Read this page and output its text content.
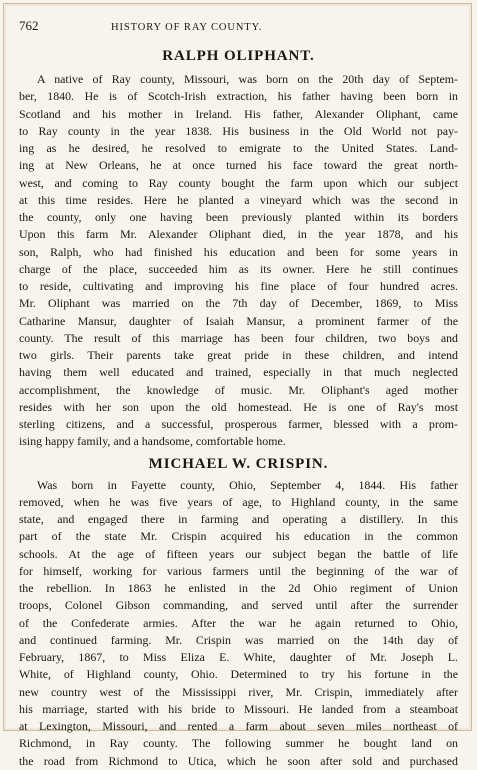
762	HISTORY OF RAY COUNTY.
RALPH OLIPHANT.
A native of Ray county, Missouri, was born on the 20th day of Septem-
ber, 1840. He is of Scotch-Irish extraction, his father having been born in
Scotland and his mother in Ireland. His father, Alexander Oliphant, came
to Ray county in the year 1838. His business in the Old World not pay-
ing as he desired, he resolved to emigrate to the United States. Land-
ing at New Orleans, he at once turned his face toward the great north-
west, and coming to Ray county bought the farm upon which our subject
at this time resides. Here he planted a vineyard which was the second in
the county, only one having been previously planted within its borders
Upon this farm Mr. Alexander Oliphant died, in the year 1878, and his
son, Ralph, who had finished his education and been for some years in
charge of the place, succeeded him as its owner. Here he still continues
to reside, cultivating and improving his fine place of four hundred acres.
Mr. Oliphant was married on the 7th day of December, 1869, to Miss
Catharine Mansur, daughter of Isaiah Mansur, a prominent farmer of the
county. The result of this marriage has been four children, two boys and
two girls. Their parents take great pride in these children, and intend
having them well educated and trained, especially in that much neglected
accomplishment, the knowledge of music. Mr. Oliphant's aged mother
resides with her son upon the old homestead. He is one of Ray's most
sterling citizens, and a successful, prosperous farmer, blessed with a prom-
ising happy family, and a handsome, comfortable home.
MICHAEL W. CRISPIN.
Was born in Fayette county, Ohio, September 4, 1844. His father
removed, when he was five years of age, to Highland county, in the same
state, and engaged there in farming and operating a distillery. In this
part of the state Mr. Crispin acquired his education in the common
schools. At the age of fifteen years our subject began the battle of life
for himself, working for various farmers until the beginning of the war of
the rebellion. In 1863 he enlisted in the 2d Ohio regiment of Union
troops, Colonel Gibson commanding, and served until after the surrender
of the Confederate armies. After the war he again returned to Ohio,
and continued farming. Mr. Crispin was married on the 14th day of
February, 1867, to Miss Eliza E. White, daughter of Mr. Joseph L.
White, of Highland county, Ohio. Determined to try his fortune in the
new country west of the Mississippi river, Mr. Crispin, immediately after
his marriage, started with his bride to Missouri. He landed from a steamboat
at Lexington, Missouri, and rented a farm about seven miles northeast of
Richmond, in Ray county. The following summer he bought land on
the road from Richmond to Utica, which he soon after sold and purchased
